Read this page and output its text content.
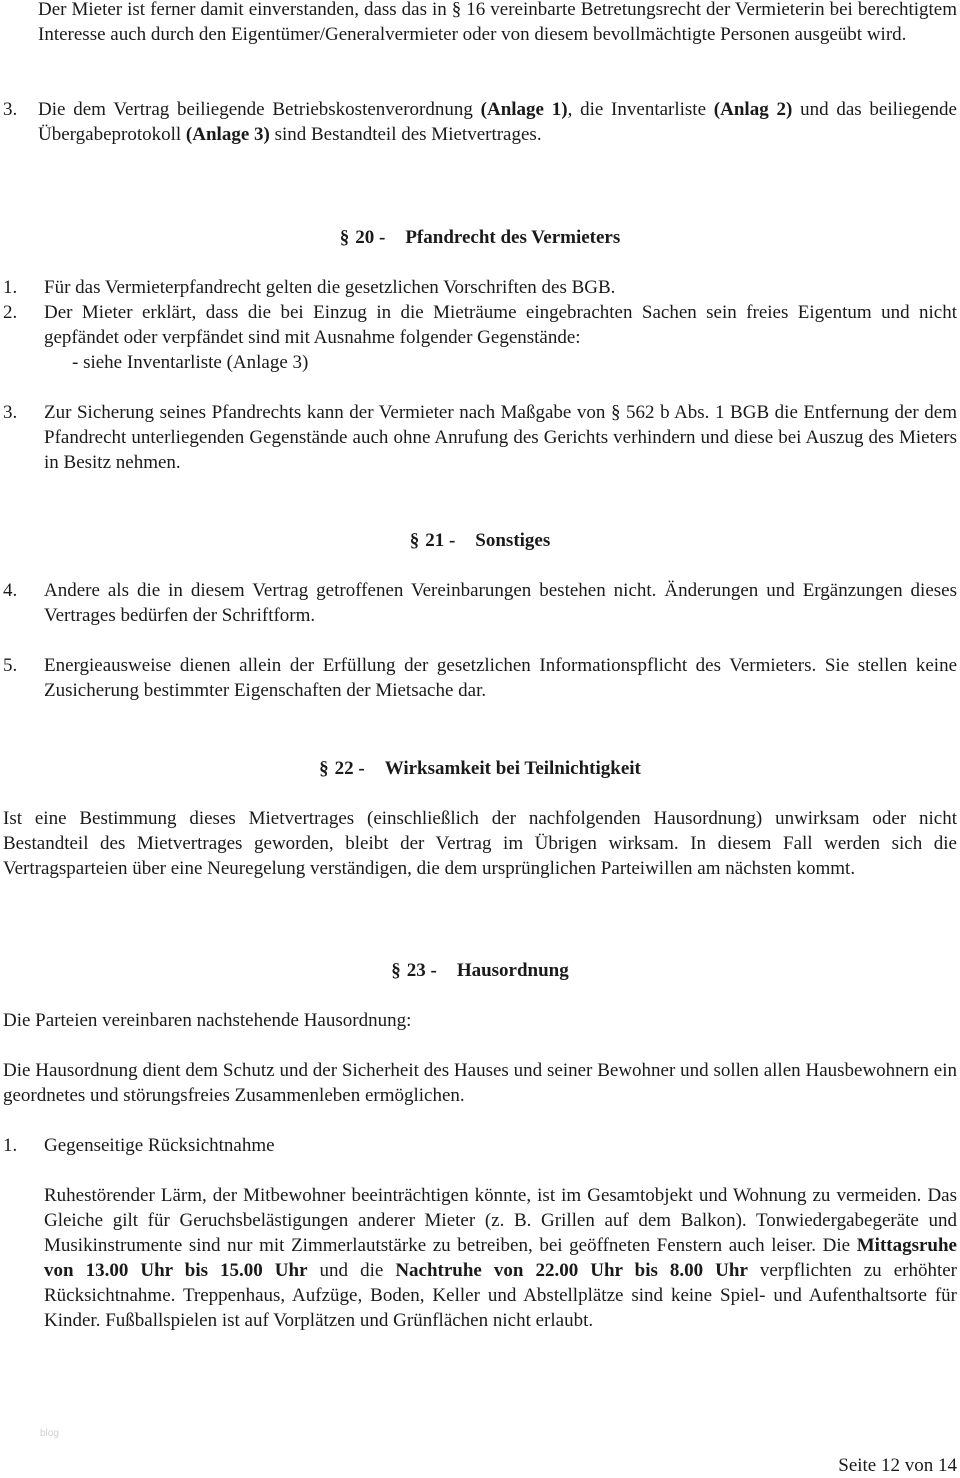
Der Mieter ist ferner damit einverstanden, dass das in § 16 vereinbarte Betretungsrecht der Vermieterin bei berechtigtem Interesse auch durch den Eigentümer/Generalvermieter oder von diesem bevollmächtigte Personen ausgeübt wird.
3. Die dem Vertrag beiliegende Betriebskostenverordnung (Anlage 1), die Inventarliste (Anlag 2) und das beiliegende Übergabeprotokoll (Anlage 3) sind Bestandteil des Mietvertrages.
§ 20 - Pfandrecht des Vermieters
1. Für das Vermieterpfandrecht gelten die gesetzlichen Vorschriften des BGB.
2. Der Mieter erklärt, dass die bei Einzug in die Mieträume eingebrachten Sachen sein freies Eigentum und nicht gepfändet oder verpfändet sind mit Ausnahme folgender Gegenstände:
- siehe Inventarliste (Anlage 3)
3. Zur Sicherung seines Pfandrechts kann der Vermieter nach Maßgabe von § 562 b Abs. 1 BGB die Entfernung der dem Pfandrecht unterliegenden Gegenstände auch ohne Anrufung des Gerichts verhindern und diese bei Auszug des Mieters in Besitz nehmen.
§ 21 - Sonstiges
4. Andere als die in diesem Vertrag getroffenen Vereinbarungen bestehen nicht. Änderungen und Ergänzungen dieses Vertrages bedürfen der Schriftform.
5. Energieausweise dienen allein der Erfüllung der gesetzlichen Informationspflicht des Vermieters. Sie stellen keine Zusicherung bestimmter Eigenschaften der Mietsache dar.
§ 22 - Wirksamkeit bei Teilnichtigkeit
Ist eine Bestimmung dieses Mietvertrages (einschließlich der nachfolgenden Hausordnung) unwirksam oder nicht Bestandteil des Mietvertrages geworden, bleibt der Vertrag im Übrigen wirksam. In diesem Fall werden sich die Vertragsparteien über eine Neuregelung verständigen, die dem ursprünglichen Parteiwillen am nächsten kommt.
§ 23 - Hausordnung
Die Parteien vereinbaren nachstehende Hausordnung:
Die Hausordnung dient dem Schutz und der Sicherheit des Hauses und seiner Bewohner und sollen allen Hausbewohnern ein geordnetes und störungsfreies Zusammenleben ermöglichen.
1. Gegenseitige Rücksichtnahme
Ruhestörender Lärm, der Mitbewohner beeinträchtigen könnte, ist im Gesamtobjekt und Wohnung zu vermeiden. Das Gleiche gilt für Geruchsbelästigungen anderer Mieter (z. B. Grillen auf dem Balkon). Tonwiedergabegeräte und Musikinstrumente sind nur mit Zimmerlautstärke zu betreiben, bei geöffneten Fenstern auch leiser. Die Mittagsruhe von 13.00 Uhr bis 15.00 Uhr und die Nachtruhe von 22.00 Uhr bis 8.00 Uhr verpflichten zu erhöhter Rücksichtnahme. Treppenhaus, Aufzüge, Boden, Keller und Abstellplätze sind keine Spiel- und Aufenthaltsorte für Kinder. Fußballspielen ist auf Vorplätzen und Grünflächen nicht erlaubt.
blog
Seite 12 von 14
